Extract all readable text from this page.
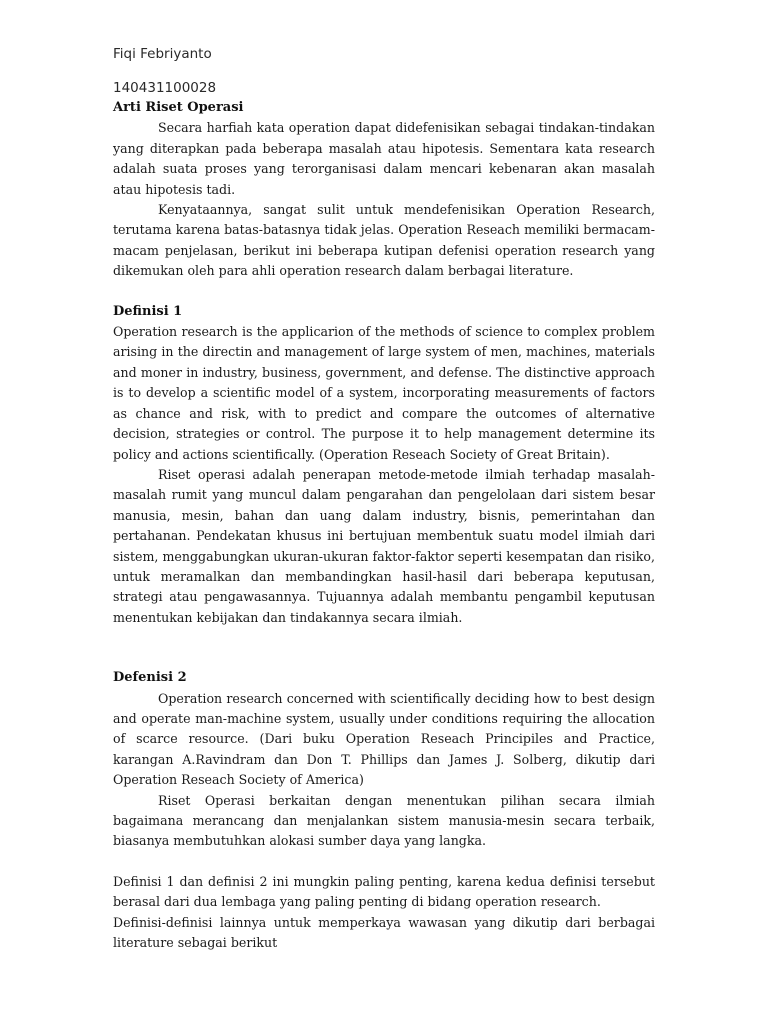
Fiqi Febriyanto

140431100028

Arti Riset Operasi

Secara harfiah kata operation dapat didefenisikan sebagai tindakan-tindakan yang diterapkan pada beberapa masalah atau hipotesis. Sementara kata research adalah suata proses yang terorganisasi dalam mencari kebenaran akan masalah atau hipotesis tadi.

Kenyataannya, sangat sulit untuk mendefenisikan Operation Research, terutama karena batas-batasnya tidak jelas. Operation Reseach memiliki bermacam-macam penjelasan, berikut ini beberapa kutipan defenisi operation research yang dikemukan oleh para ahli operation research dalam berbagai literature.

Definisi 1

Operation research is the applicarion of the methods of science to complex problem arising in the directin and management of large system of men, machines, materials and moner in industry, business, government, and defense. The distinctive approach is to develop a scientific model of a system, incorporating measurements of factors as chance and risk, with to predict and compare the outcomes of alternative decision, strategies or control. The purpose it to help management determine its policy and actions scientifically. (Operation Reseach Society of Great Britain).

Riset operasi adalah penerapan metode-metode ilmiah terhadap masalah-masalah rumit yang muncul dalam pengarahan dan pengelolaan dari sistem besar manusia, mesin, bahan dan uang dalam industry, bisnis, pemerintahan dan pertahanan. Pendekatan khusus ini bertujuan membentuk suatu model ilmiah dari sistem, menggabungkan ukuran-ukuran faktor-faktor seperti kesempatan dan risiko, untuk meramalkan dan membandingkan hasil-hasil dari beberapa keputusan, strategi atau pengawasannya. Tujuannya adalah membantu pengambil keputusan menentukan kebijakan dan tindakannya secara ilmiah.

Defenisi 2

Operation research concerned with scientifically deciding how to best design and operate man-machine system, usually under conditions requiring the allocation of scarce resource. (Dari buku Operation Reseach Principiles and Practice, karangan A.Ravindram dan Don T. Phillips dan James J. Solberg, dikutip dari Operation Reseach Society of America)

Riset Operasi berkaitan dengan menentukan pilihan secara ilmiah bagaimana merancang dan menjalankan sistem manusia-mesin secara terbaik, biasanya membutuhkan alokasi sumber daya yang langka.

Definisi 1 dan definisi 2 ini mungkin paling penting, karena kedua definisi tersebut berasal dari dua lembaga yang paling penting di bidang operation research.

Definisi-definisi lainnya untuk memperkaya wawasan yang dikutip dari berbagai literature sebagai berikut
